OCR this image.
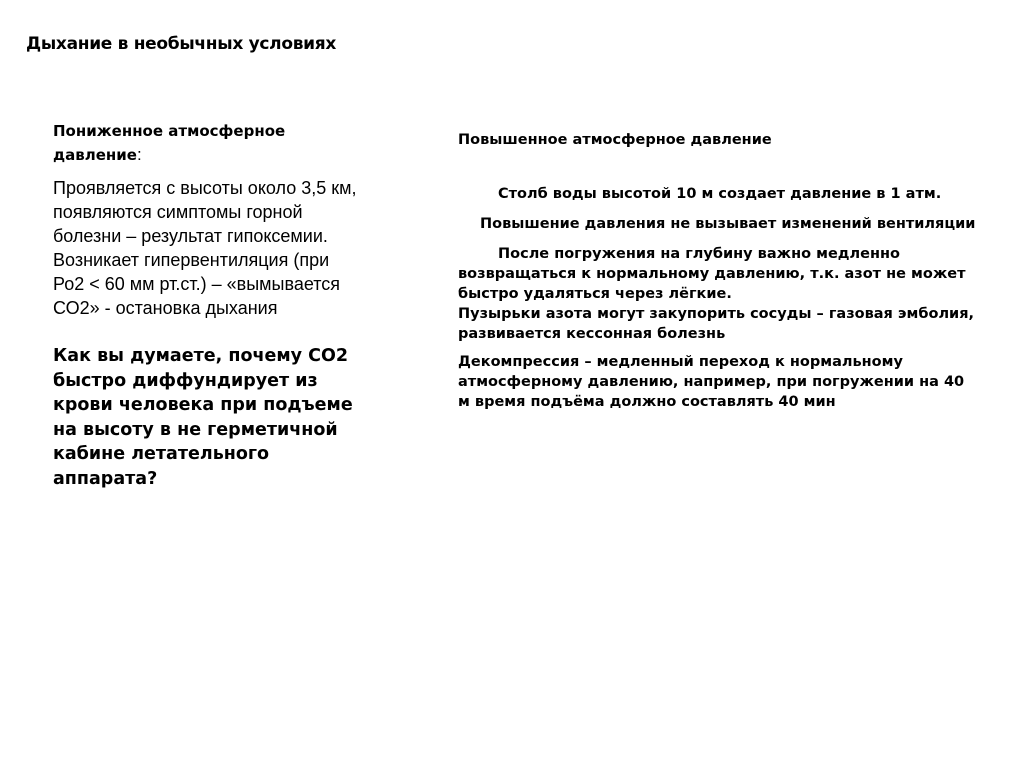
Дыхание в необычных условиях

Пониженное атмосферное давление:

Проявляется с высоты около 3,5 км, появляются симптомы горной болезни – результат гипоксемии. Возникает гипервентиляция (при Ро2 < 60 мм рт.ст.) – «вымывается СО2» - остановка дыхания

Как вы думаете, почему СО2 быстро диффундирует из крови человека при подъеме на высоту в не герметичной кабине летательного аппарата?

Повышенное атмосферное давление

Столб воды высотой 10 м создает давление в 1 атм.

Повышение давления не вызывает изменений вентиляции

После погружения на глубину важно медленно возвращаться к нормальному давлению, т.к. азот не может быстро удаляться через лёгкие.

Пузырьки азота могут закупорить сосуды – газовая эмболия, развивается кессонная болезнь

Декомпрессия – медленный переход к нормальному атмосферному давлению, например, при погружении на 40 м время подъёма должно составлять 40 мин
